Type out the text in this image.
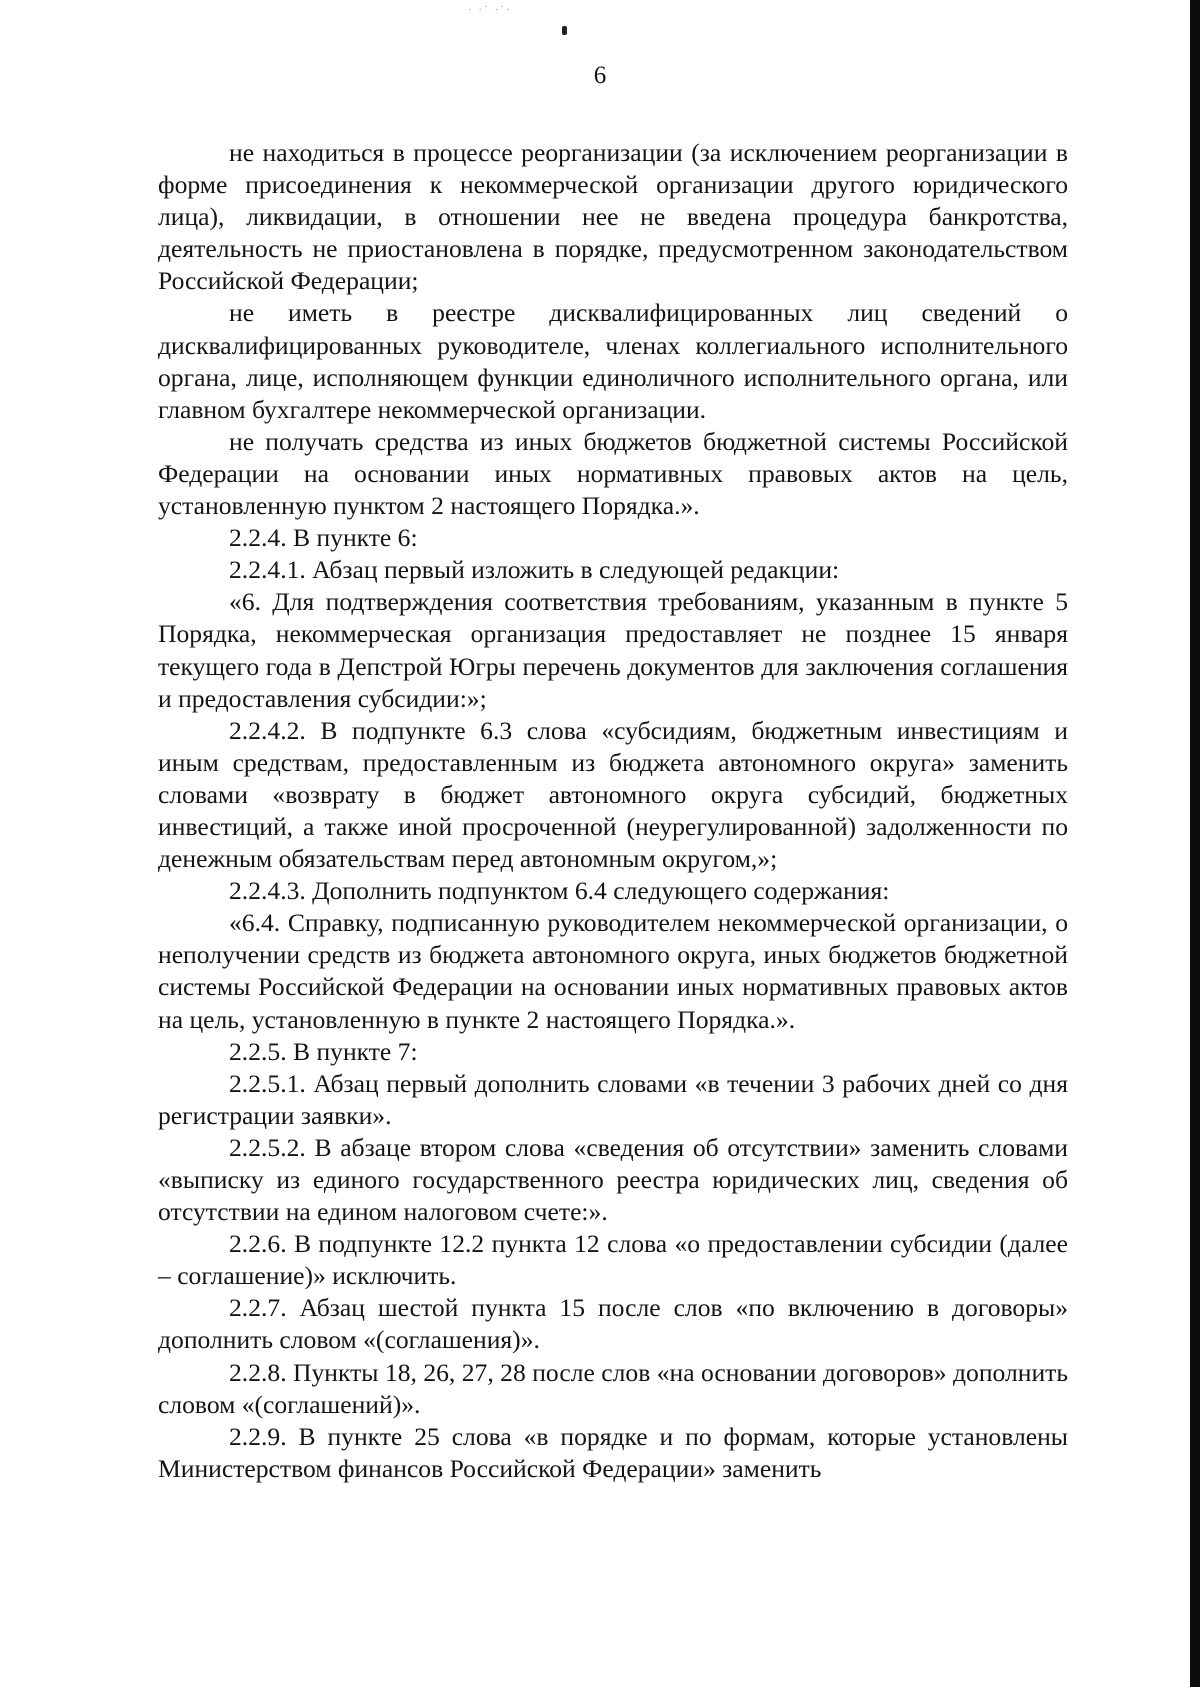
· ·˙ ·˙·
6

не находиться в процессе реорганизации (за исключением реорганизации в форме присоединения к некоммерческой организации другого юридического лица), ликвидации, в отношении нее не введена процедура банкротства, деятельность не приостановлена в порядке, предусмотренном законодательством Российской Федерации;

не иметь в реестре дисквалифицированных лиц сведений о дисквалифицированных руководителе, членах коллегиального исполнительного органа, лице, исполняющем функции единоличного исполнительного органа, или главном бухгалтере некоммерческой организации.

не получать средства из иных бюджетов бюджетной системы Российской Федерации на основании иных нормативных правовых актов на цель, установленную пунктом 2 настоящего Порядка.».

2.2.4. В пункте 6:

2.2.4.1. Абзац первый изложить в следующей редакции:

«6. Для подтверждения соответствия требованиям, указанным в пункте 5 Порядка, некоммерческая организация предоставляет не позднее 15 января текущего года в Депстрой Югры перечень документов для заключения соглашения и предоставления субсидии:»;

2.2.4.2. В подпункте 6.3 слова «субсидиям, бюджетным инвестициям и иным средствам, предоставленным из бюджета автономного округа» заменить словами «возврату в бюджет автономного округа субсидий, бюджетных инвестиций, а также иной просроченной (неурегулированной) задолженности по денежным обязательствам перед автономным округом,»;

2.2.4.3. Дополнить подпунктом 6.4 следующего содержания:

«6.4. Справку, подписанную руководителем некоммерческой организации, о неполучении средств из бюджета автономного округа, иных бюджетов бюджетной системы Российской Федерации на основании иных нормативных правовых актов на цель, установленную в пункте 2 настоящего Порядка.».

2.2.5. В пункте 7:

2.2.5.1. Абзац первый дополнить словами «в течении 3 рабочих дней со дня регистрации заявки».

2.2.5.2. В абзаце втором слова «сведения об отсутствии» заменить словами «выписку из единого государственного реестра юридических лиц, сведения об отсутствии на едином налоговом счете:».

2.2.6. В подпункте 12.2 пункта 12 слова «о предоставлении субсидии (далее – соглашение)» исключить.

2.2.7. Абзац шестой пункта 15 после слов «по включению в договоры» дополнить словом «(соглашения)».

2.2.8. Пункты 18, 26, 27, 28 после слов «на основании договоров» дополнить словом «(соглашений)».

2.2.9. В пункте 25 слова «в порядке и по формам, которые установлены Министерством финансов Российской Федерации» заменить
